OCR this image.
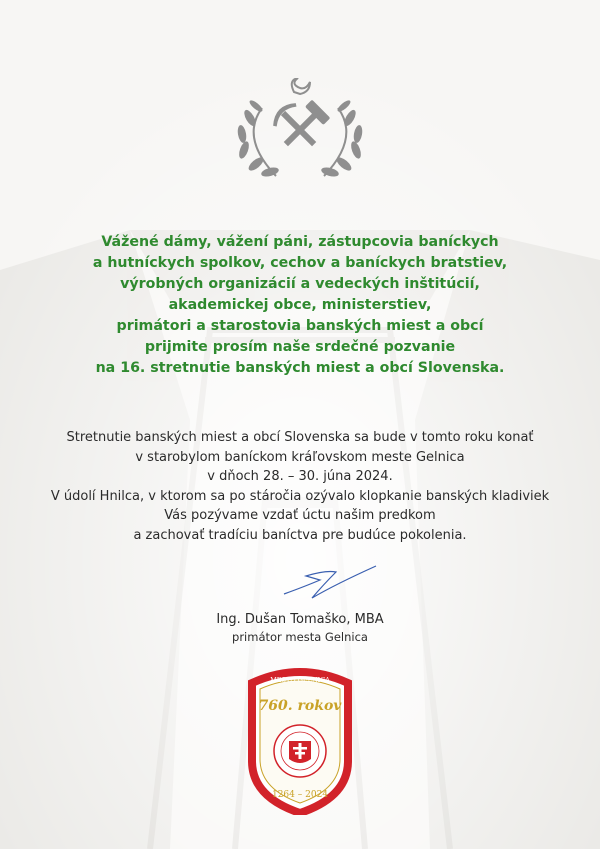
Vážené dámy, vážení páni, zástupcovia baníckych
a hutníckych spolkov, cechov a baníckych bratstiev,
výrobných organizácií a vedeckých inštitúcií,
akademickej obce, ministerstiev,
primátori a starostovia banských miest a obcí
prijmite prosím naše srdečné pozvanie
na 16. stretnutie banských miest a obcí Slovenska.
Stretnutie banských miest a obcí Slovenska sa bude v tomto roku konať
v starobylom baníckom kráľovskom meste Gelnica
v dňoch 28. – 30. júna 2024.
V údolí Hnilca, v ktorom sa po stáročia ozývalo klopkanie banských kladiviek
Vás pozývame vzdať úctu našim predkom
a zachovať tradíciu baníctva pre budúce pokolenia.
Ing. Dušan Tomaško, MBA
primátor mesta Gelnica
MESTO GELNICA
760. rokov
1264 – 2024
